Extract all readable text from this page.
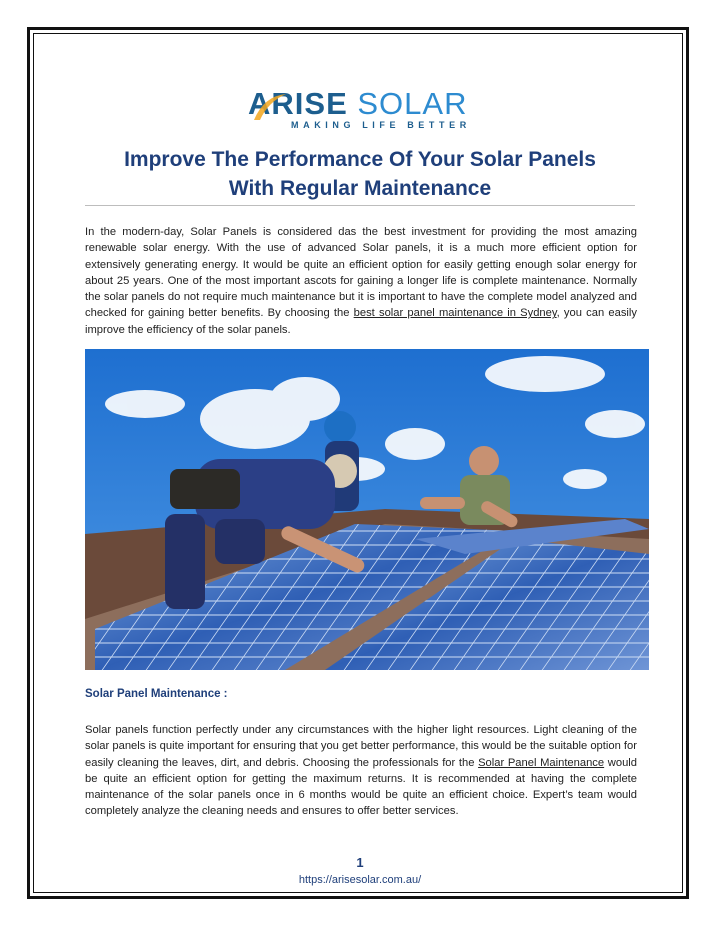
ARISE SOLAR
MAKING LIFE BETTER
Improve The Performance Of Your Solar Panels
With Regular Maintenance
In the modern-day, Solar Panels is considered das the best investment for providing the most amazing renewable solar energy. With the use of advanced Solar panels, it is a much more efficient option for extensively generating energy. It would be quite an efficient option for easily getting enough solar energy for about 25 years. One of the most important ascots for gaining a longer life is complete maintenance. Normally the solar panels do not require much maintenance but it is important to have the complete model analyzed and checked for gaining better benefits. By choosing the best solar panel maintenance in Sydney, you can easily improve the efficiency of the solar panels.
Solar Panel Maintenance :
Solar panels function perfectly under any circumstances with the higher light resources. Light cleaning of the solar panels is quite important for ensuring that you get better performance, this would be the suitable option for easily cleaning the leaves, dirt, and debris. Choosing the professionals for the Solar Panel Maintenance would be quite an efficient option for getting the maximum returns. It is recommended at having the complete maintenance of the solar panels once in 6 months would be quite an efficient choice. Expert’s team would completely analyze the cleaning needs and ensures to offer better services.
1
https://arisesolar.com.au/
